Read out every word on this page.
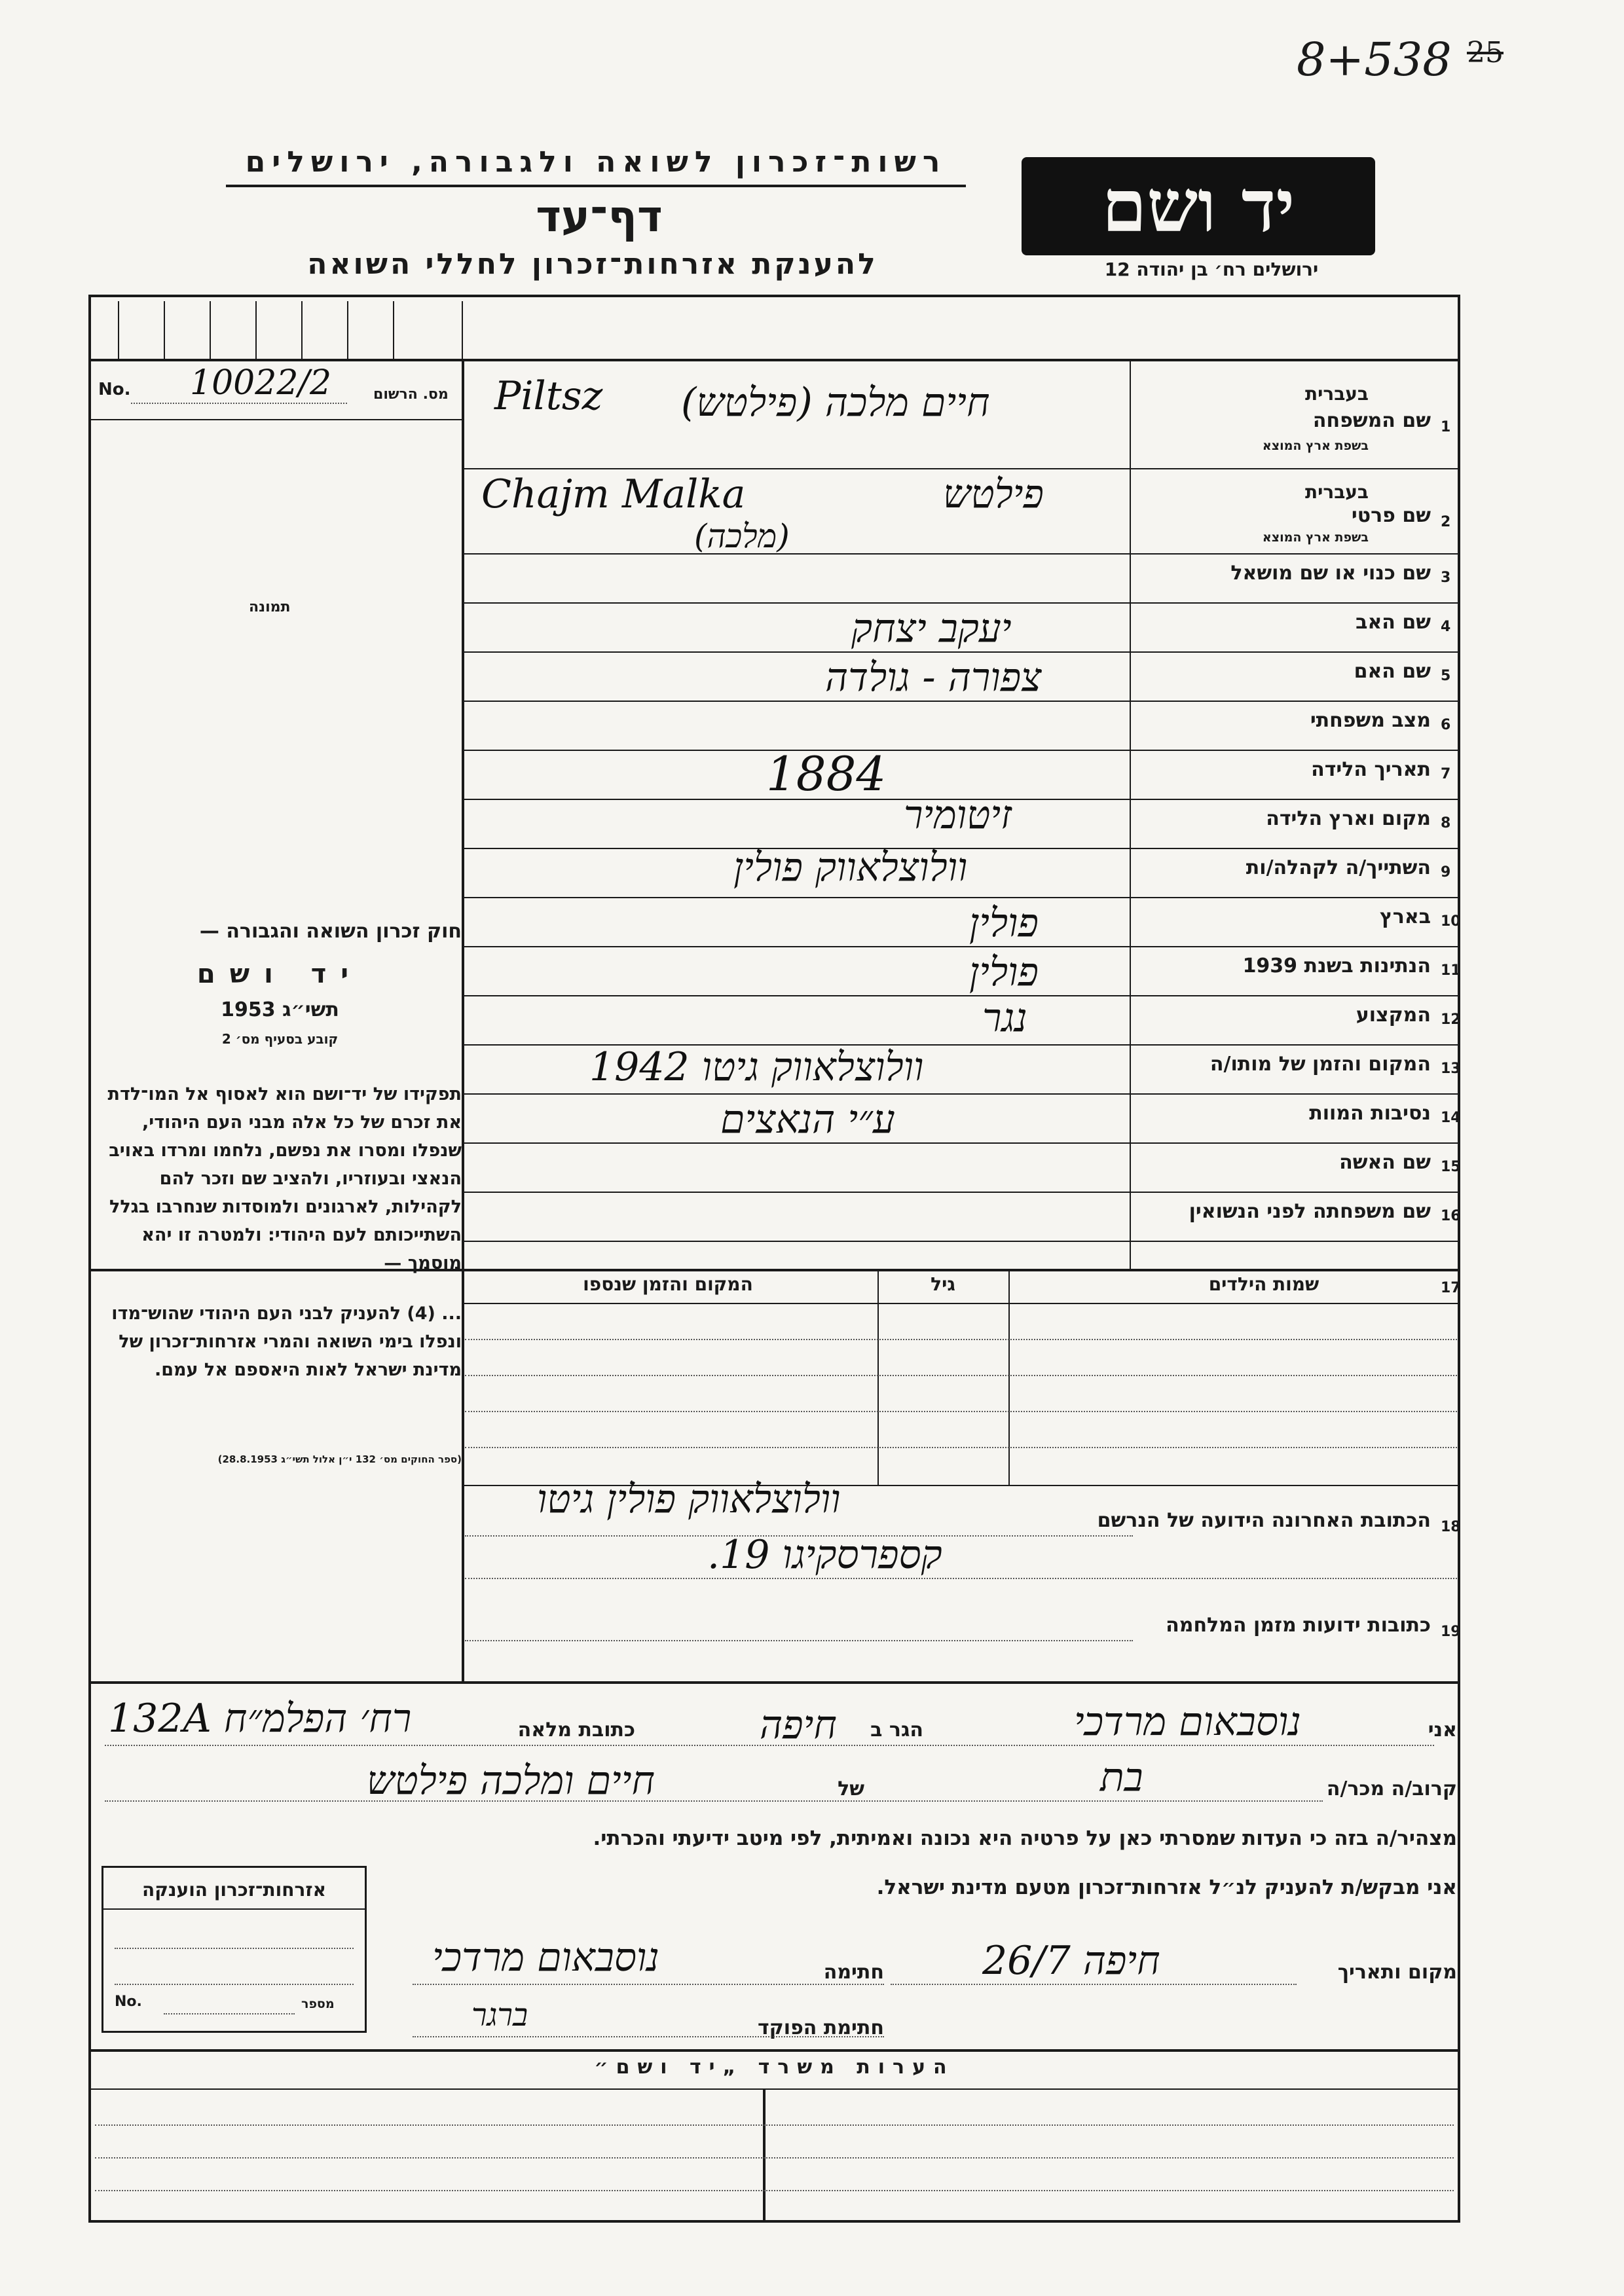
8+538 25
רשות־זכרון לשואה ולגבורה, ירושלים
דף־עד
להענקת אזרחות־זכרון לחללי השואה
יד ושם
ירושלים רח׳ בן יהודה 12
No. 10022/2	מס. הרשום
תמונה
חוק זכרון השואה והגבורה —
יד ושם
תשי״ג 1953
קובע בסעיף מס׳ 2
תפקידו של יד־ושם הוא לאסוף אל המו־לדת את זכרם של כל אלה מבני העם היהודי, שנפלו ומסרו את נפשם, נלחמו ומרדו באויב הנאצי ובעוזריו, ולהציב שם וזכר להם לקהילות, לארגונים ולמוסדות שנחרבו בגלל השתייכותם לעם היהודי: ולמטרה זו יהא מוסמך —
... (4) להעניק לבני העם היהודי שהוש־מדו ונפלו בימי השואה והמרי אזרחות־זכרון של מדינת ישראל לאות היאספם אל עמם.
(ספר החוקים מס׳ 132 י״ן אלול תשי״ג 28.8.1953)
1
שם המשפחה
בעברית
בשפת ארץ המוצא
Piltsz חיים מלכה (פילטש)
2
שם פרטי
בעברית
בשפת ארץ המוצא
Chajm Malka	פילטש
(מלכה)
3
שם כנוי או שם מושאל
4
שם האב
יעקב יצחק
5
שם האם
צפורה - גולדה
6
מצב משפחתי
7
תאריך הלידה
1884
8
מקום וארץ הלידה
זיטומיר
9
השתייך/ה לקהלה/ות
וולוצלאווק פולין
10
בארץ
פולין
11
הנתינות בשנת 1939
פולין
12
המקצוע
נגר
13
המקום והזמן של מותו/ה
וולוצלאווק גיטו 1942
14
נסיבות המוות
ע״י הנאצים
15
שם האשה
16
שם משפחתה לפני הנשואין
17
שמות הילדים
גיל
המקום והזמן שנספו
18
הכתובת האחרונה הידועה של הנרשם
וולוצלאווק פולין גיטו
קספרסקיגו 19.
19
כתובות ידועות מזמן המלחמה
אני
נוסבאום מרדכי
הגר ב
חיפה
כתובת מלאה
רח׳ הפלמ״ח 132A
קרוב/ה מכר/ה
בת
של
חיים ומלכה פילטש
מצהיר/ה בזה כי העדות שמסרתי כאן על פרטיה היא נכונה ואמיתית, לפי מיטב ידיעתי והכרתי.
אני מבקש/ת להעניק לנ״ל אזרחות־זכרון מטעם מדינת ישראל.
מקום ותאריך
חיפה 26/7
חתימה
נוסבאום מרדכי
ברגר	חתימת הפוקד
אזרחות־זכרון הוענקה
No.	מספר
הערות משרד „יד ושם״
